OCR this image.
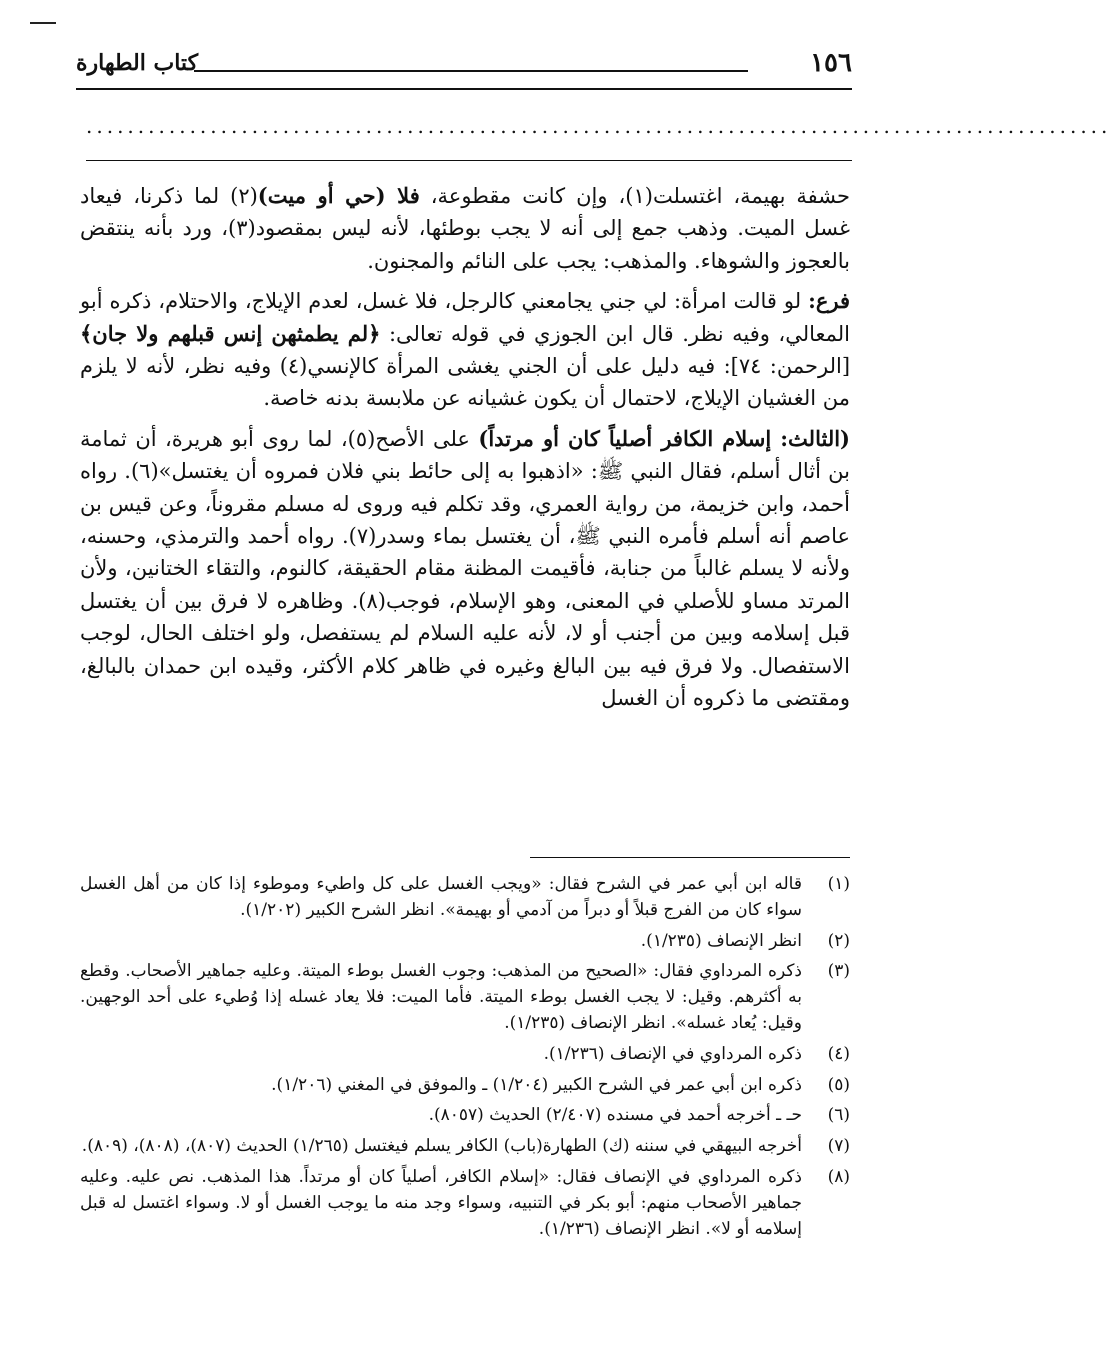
١٥٦
كتاب الطهارة
...................................................................................................

حشفة بهيمة، اغتسلت(١)، وإن كانت مقطوعة، فلا (حي أو ميت)(٢) لما ذكرنا، فيعاد غسل الميت. وذهب جمع إلى أنه لا يجب بوطئها، لأنه ليس بمقصود(٣)، ورد بأنه ينتقض بالعجوز والشوهاء. والمذهب: يجب على النائم والمجنون.

فرع: لو قالت امرأة: لي جني يجامعني كالرجل، فلا غسل، لعدم الإيلاج، والاحتلام، ذكره أبو المعالي، وفيه نظر. قال ابن الجوزي في قوله تعالى: ﴿لم يطمثهن إنس قبلهم ولا جان﴾ [الرحمن: ٧٤]: فيه دليل على أن الجني يغشى المرأة كالإنسي(٤) وفيه نظر، لأنه لا يلزم من الغشيان الإيلاج، لاحتمال أن يكون غشيانه عن ملابسة بدنه خاصة.

(الثالث: إسلام الكافر أصلياً كان أو مرتداً) على الأصح(٥)، لما روى أبو هريرة، أن ثمامة بن أثال أسلم، فقال النبي ﷺ: «اذهبوا به إلى حائط بني فلان فمروه أن يغتسل»(٦). رواه أحمد، وابن خزيمة، من رواية العمري، وقد تكلم فيه وروى له مسلم مقروناً، وعن قيس بن عاصم أنه أسلم فأمره النبي ﷺ، أن يغتسل بماء وسدر(٧). رواه أحمد والترمذي، وحسنه، ولأنه لا يسلم غالباً من جنابة، فأقيمت المظنة مقام الحقيقة، كالنوم، والتقاء الختانين، ولأن المرتد مساو للأصلي في المعنى، وهو الإسلام، فوجب(٨). وظاهره لا فرق بين أن يغتسل قبل إسلامه وبين من أجنب أو لا، لأنه عليه السلام لم يستفصل، ولو اختلف الحال، لوجب الاستفصال. ولا فرق فيه بين البالغ وغيره في ظاهر كلام الأكثر، وقيده ابن حمدان بالبالغ، ومقتضى ما ذكروه أن الغسل

(١)
قاله ابن أبي عمر في الشرح فقال: «ويجب الغسل على كل واطيء وموطوء إذا كان من أهل الغسل سواء كان من الفرج قبلاً أو دبراً من آدمي أو بهيمة». انظر الشرح الكبير (١/٢٠٢).
(٢)
انظر الإنصاف (١/٢٣٥).
(٣)
ذكره المرداوي فقال: «الصحيح من المذهب: وجوب الغسل بوطء الميتة. وعليه جماهير الأصحاب. وقطع به أكثرهم. وقيل: لا يجب الغسل بوطء الميتة. فأما الميت: فلا يعاد غسله إذا وُطيء على أحد الوجهين. وقيل: يُعاد غسله». انظر الإنصاف (١/٢٣٥).
(٤)
ذكره المرداوي في الإنصاف (١/٢٣٦).
(٥)
ذكره ابن أبي عمر في الشرح الكبير (١/٢٠٤) ـ والموفق في المغني (١/٢٠٦).
(٦)
حـ ـ أخرجه أحمد في مسنده (٢/٤٠٧) الحديث (٨٠٥٧).
(٧)
أخرجه البيهقي في سننه (ك) الطهارة(باب) الكافر يسلم فيغتسل (١/٢٦٥) الحديث (٨٠٧)، (٨٠٨)، (٨٠٩).
(٨)
ذكره المرداوي في الإنصاف فقال: «إسلام الكافر، أصلياً كان أو مرتداً. هذا المذهب. نص عليه. وعليه جماهير الأصحاب منهم: أبو بكر في التنبيه، وسواء وجد منه ما يوجب الغسل أو لا. وسواء اغتسل له قبل إسلامه أو لا». انظر الإنصاف (١/٢٣٦).
